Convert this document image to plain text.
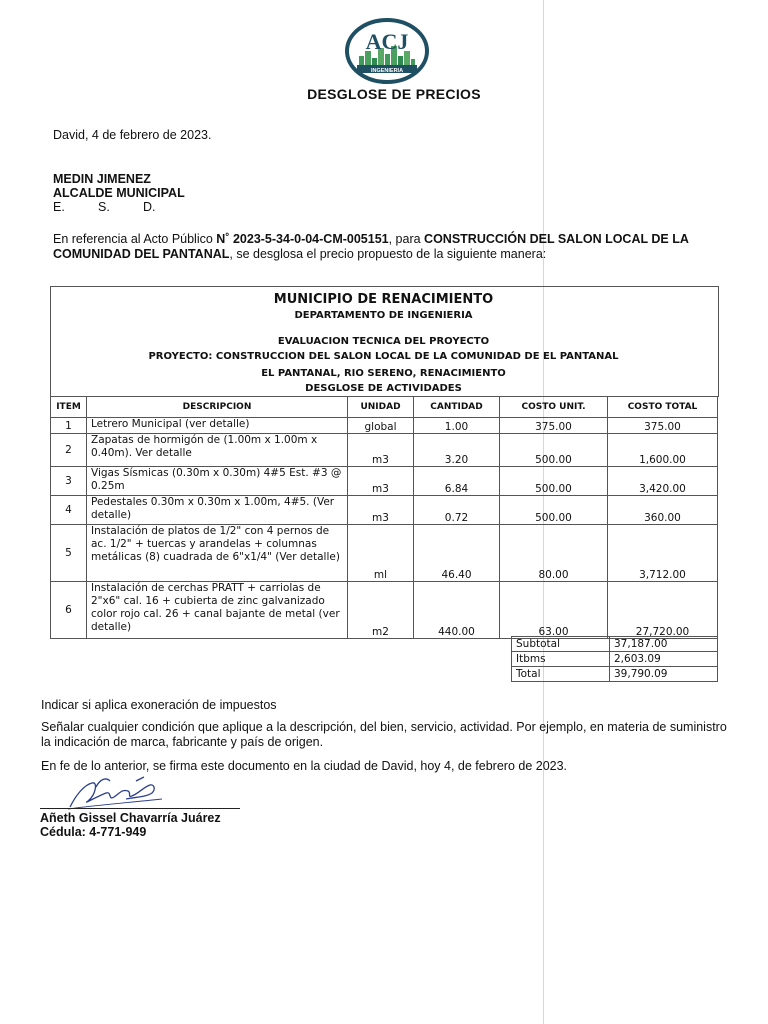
ACJ
INGENIERIA
DESGLOSE DE PRECIOS
David, 4 de febrero de 2023.
MEDIN JIMENEZ
ALCALDE MUNICIPAL
E.	S.	D.
En referencia al Acto Público N˚ 2023-5-34-0-04-CM-005151, para CONSTRUCCIÓN DEL SALON LOCAL DE LA COMUNIDAD DEL PANTANAL, se desglosa el precio propuesto de la siguiente manera:
MUNICIPIO DE RENACIMIENTO
DEPARTAMENTO DE INGENIERIA
EVALUACION TECNICA DEL PROYECTO
PROYECTO: CONSTRUCCION DEL SALON LOCAL DE LA COMUNIDAD DE EL PANTANAL
EL PANTANAL, RIO SERENO, RENACIMIENTO
DESGLOSE DE ACTIVIDADES
ITEM	DESCRIPCION	UNIDAD	CANTIDAD	COSTO UNIT.	COSTO TOTAL
1	Letrero Municipal (ver detalle)	global	1.00	375.00	375.00
2	Zapatas de hormigón de (1.00m x 1.00m x 0.40m). Ver detalle	m3	3.20	500.00	1,600.00
3	Vigas Sísmicas (0.30m x 0.30m) 4#5 Est. #3 @ 0.25m	m3	6.84	500.00	3,420.00
4	Pedestales 0.30m x 0.30m x 1.00m, 4#5. (Ver detalle)	m3	0.72	500.00	360.00
5	Instalación de platos de 1/2" con 4 pernos de ac. 1/2" + tuercas y arandelas + columnas metálicas (8) cuadrada de 6"x1/4" (Ver detalle)	ml	46.40	80.00	3,712.00
6	Instalación de cerchas PRATT + carriolas de 2"x6" cal. 16 + cubierta de zinc galvanizado color rojo cal. 26 + canal bajante de metal (ver detalle)	m2	440.00	63.00	27,720.00
Subtotal	37,187.00
Itbms	2,603.09
Total	39,790.09
Indicar si aplica exoneración de impuestos
Señalar cualquier condición que aplique a la descripción, del bien, servicio, actividad. Por ejemplo, en materia de suministro la indicación de marca, fabricante y país de origen.
En fe de lo anterior, se firma este documento en la ciudad de David, hoy 4, de febrero de 2023.
Añeth Gissel Chavarría Juárez
Cédula: 4-771-949
